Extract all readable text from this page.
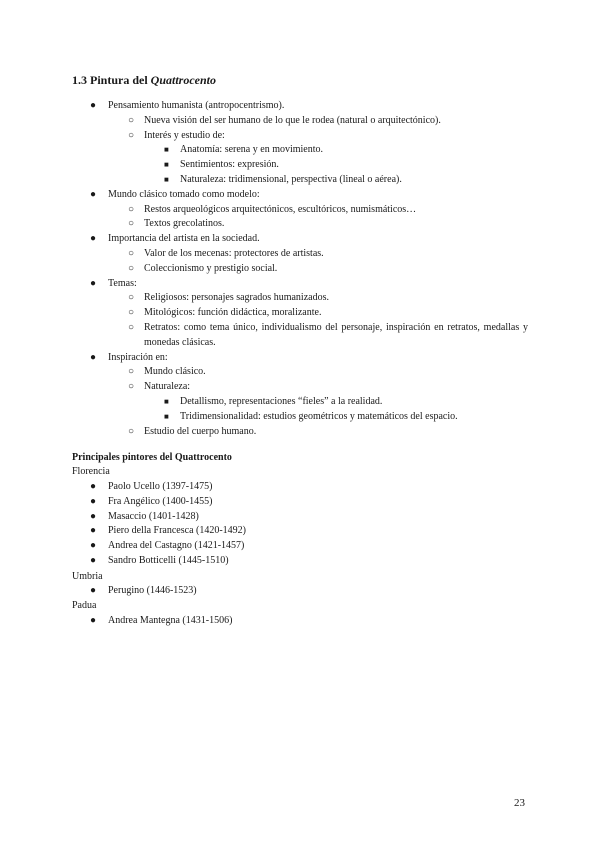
1.3 Pintura del Quattrocento
●	Pensamiento humanista (antropocentrismo).
○ Nueva visión del ser humano de lo que le rodea (natural o arquitectónico).
○ Interés y estudio de:
■	Anatomía: serena y en movimiento.
■	Sentimientos: expresión.
■	Naturaleza: tridimensional, perspectiva (lineal o aérea).
●	Mundo clásico tomado como modelo:
○ Restos arqueológicos arquitectónicos, escultóricos, numismáticos…
○ Textos grecolatinos.
●	Importancia del artista en la sociedad.
○ Valor de los mecenas: protectores de artistas.
○ Coleccionismo y prestigio social.
●	Temas:
○ Religiosos: personajes sagrados humanizados.
○ Mitológicos: función didáctica, moralizante.
○ Retratos: como tema único, individualismo del personaje, inspiración en retratos, medallas y monedas clásicas.
●	Inspiración en:
○ Mundo clásico.
○ Naturaleza:
■	Detallismo, representaciones “fieles” a la realidad.
■	Tridimensionalidad: estudios geométricos y matemáticos del espacio.
○ Estudio del cuerpo humano.
Principales pintores del Quattrocento
Florencia
●	Paolo Ucello (1397-1475)
●	Fra Angélico (1400-1455)
●	Masaccio (1401-1428)
●	Piero della Francesca (1420-1492)
●	Andrea del Castagno (1421-1457)
●	Sandro Botticelli (1445-1510)
Umbria
●	Perugino (1446-1523)
Padua
●	Andrea Mantegna (1431-1506)
23
